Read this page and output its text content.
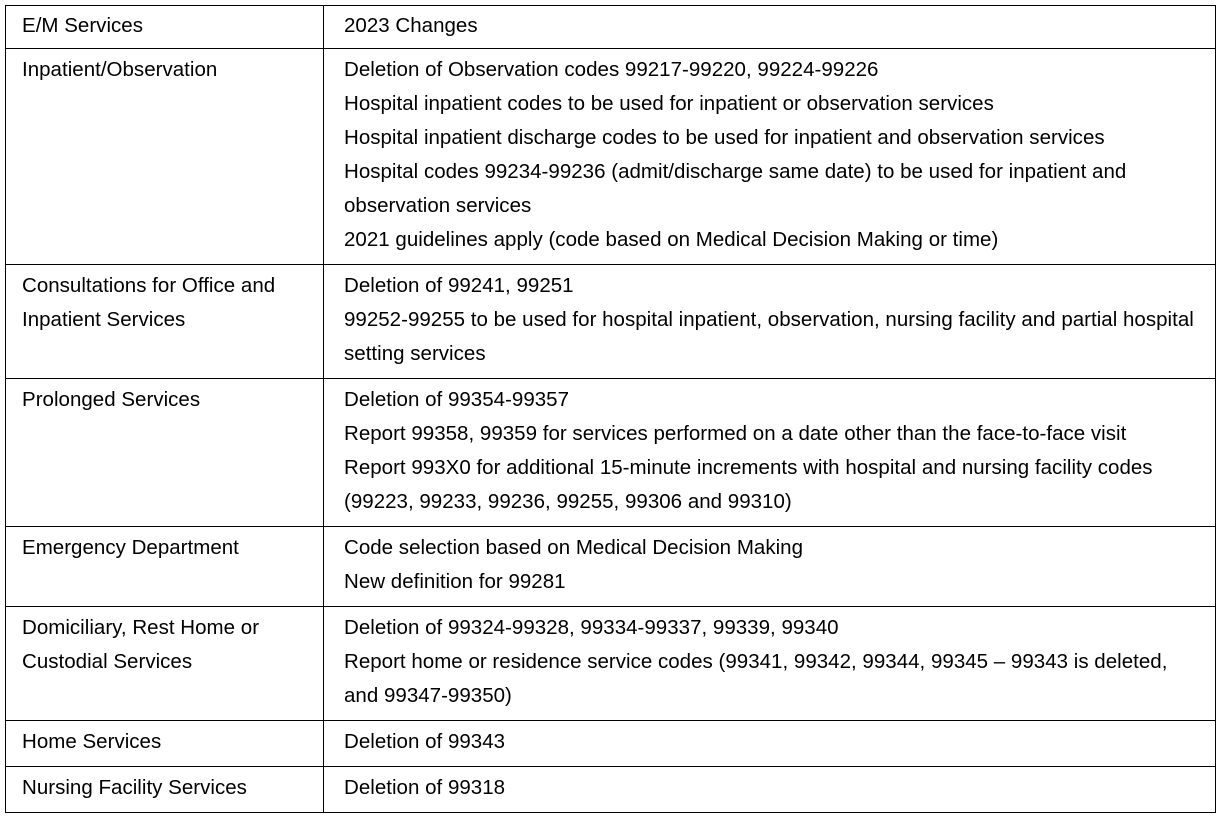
E/M Services	2023 Changes

Inpatient/Observation	Deletion of Observation codes 99217-99220, 99224-99226
Hospital inpatient codes to be used for inpatient or observation services
Hospital inpatient discharge codes to be used for inpatient and observation services
Hospital codes 99234-99236 (admit/discharge same date) to be used for inpatient and observation services
2021 guidelines apply (code based on Medical Decision Making or time)

Consultations for Office and Inpatient Services	Deletion of 99241, 99251
99252-99255 to be used for hospital inpatient, observation, nursing facility and partial hospital setting services

Prolonged Services	Deletion of 99354-99357
Report 99358, 99359 for services performed on a date other than the face-to-face visit
Report 993X0 for additional 15-minute increments with hospital and nursing facility codes (99223, 99233, 99236, 99255, 99306 and 99310)

Emergency Department	Code selection based on Medical Decision Making
New definition for 99281

Domiciliary, Rest Home or Custodial Services	Deletion of 99324-99328, 99334-99337, 99339, 99340
Report home or residence service codes (99341, 99342, 99344, 99345 – 99343 is deleted, and 99347-99350)

Home Services	Deletion of 99343

Nursing Facility Services	Deletion of 99318
